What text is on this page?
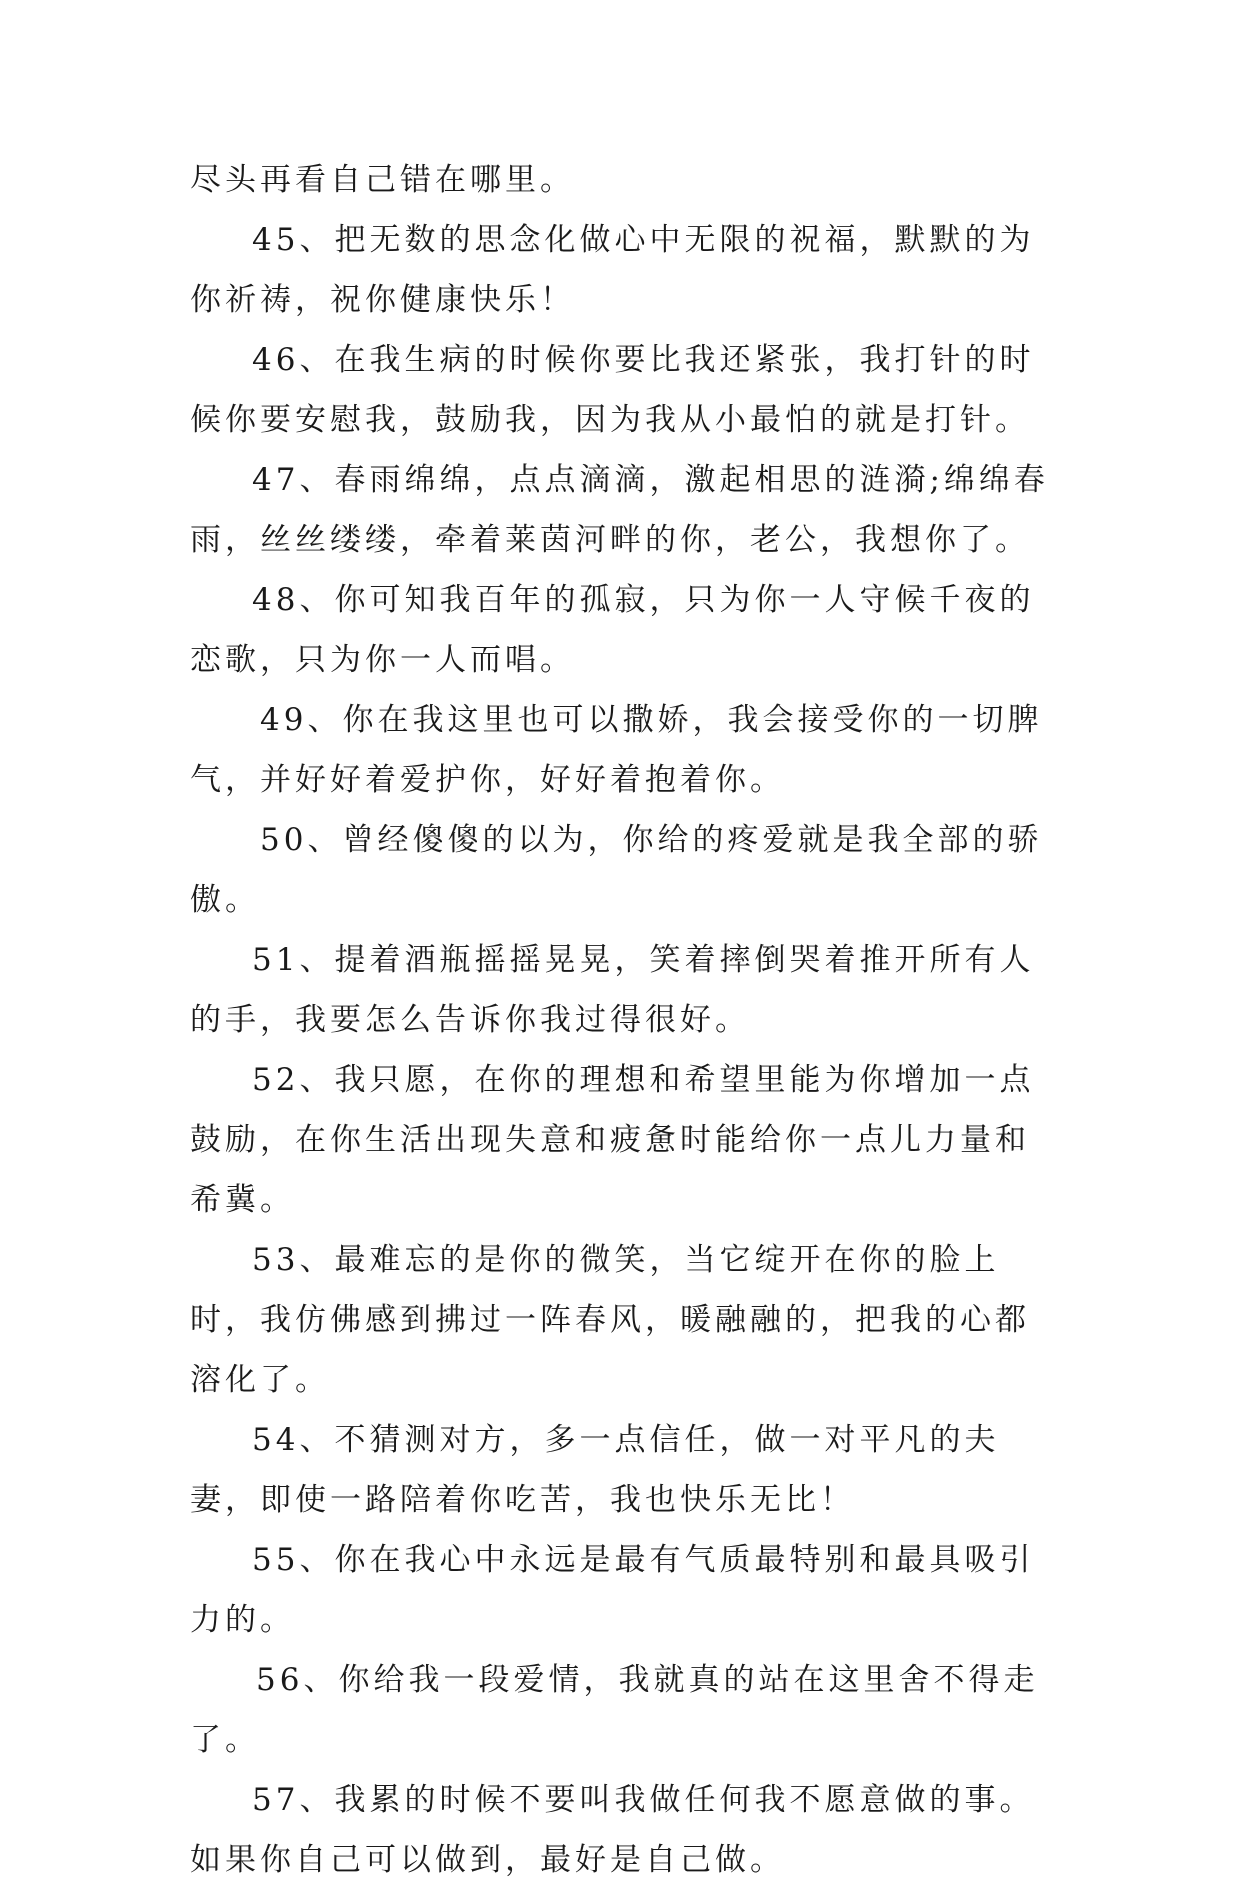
尽头再看自己错在哪里。

45、把无数的思念化做心中无限的祝福，默默的为你祈祷，祝你健康快乐！

46、在我生病的时候你要比我还紧张，我打针的时候你要安慰我，鼓励我，因为我从小最怕的就是打针。

47、春雨绵绵，点点滴滴，激起相思的涟漪;绵绵春雨，丝丝缕缕，牵着莱茵河畔的你，老公，我想你了。

48、你可知我百年的孤寂，只为你一人守候千夜的恋歌，只为你一人而唱。

49、你在我这里也可以撒娇，我会接受你的一切脾气，并好好着爱护你，好好着抱着你。

50、曾经傻傻的以为，你给的疼爱就是我全部的骄傲。

51、提着酒瓶摇摇晃晃，笑着摔倒哭着推开所有人的手，我要怎么告诉你我过得很好。

52、我只愿，在你的理想和希望里能为你增加一点鼓励，在你生活出现失意和疲惫时能给你一点儿力量和希冀。

53、最难忘的是你的微笑，当它绽开在你的脸上时，我仿佛感到拂过一阵春风，暖融融的，把我的心都溶化了。

54、不猜测对方，多一点信任，做一对平凡的夫妻，即使一路陪着你吃苦，我也快乐无比！

55、你在我心中永远是最有气质最特别和最具吸引力的。

56、你给我一段爱情，我就真的站在这里舍不得走了。

57、我累的时候不要叫我做任何我不愿意做的事。如果你自己可以做到，最好是自己做。
